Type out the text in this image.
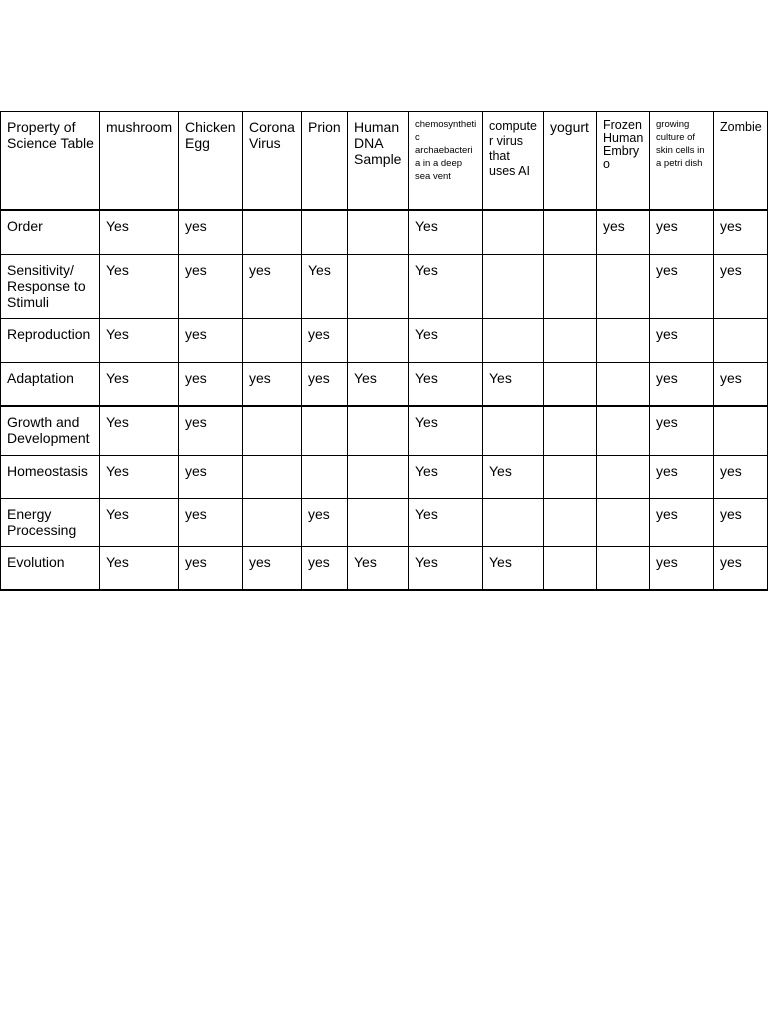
Property of Science Table	mushroom	Chicken Egg	Corona Virus	Prion	Human DNA Sample	chemosynthetic archaebacteria in a deep sea vent	computer virus that uses AI	yogurt	Frozen Human Embryo	growing culture of skin cells in a petri dish	Zombie
Order	Yes	yes				Yes			yes	yes	yes
Sensitivity/ Response to Stimuli	Yes	yes	yes	Yes		Yes				yes	yes
Reproduction	Yes	yes		yes		Yes				yes	
Adaptation	Yes	yes	yes	yes	Yes	Yes	Yes			yes	yes
Growth and Development	Yes	yes				Yes				yes	
Homeostasis	Yes	yes				Yes	Yes			yes	yes
Energy Processing	Yes	yes		yes		Yes				yes	yes
Evolution	Yes	yes	yes	yes	Yes	Yes	Yes			yes	yes
